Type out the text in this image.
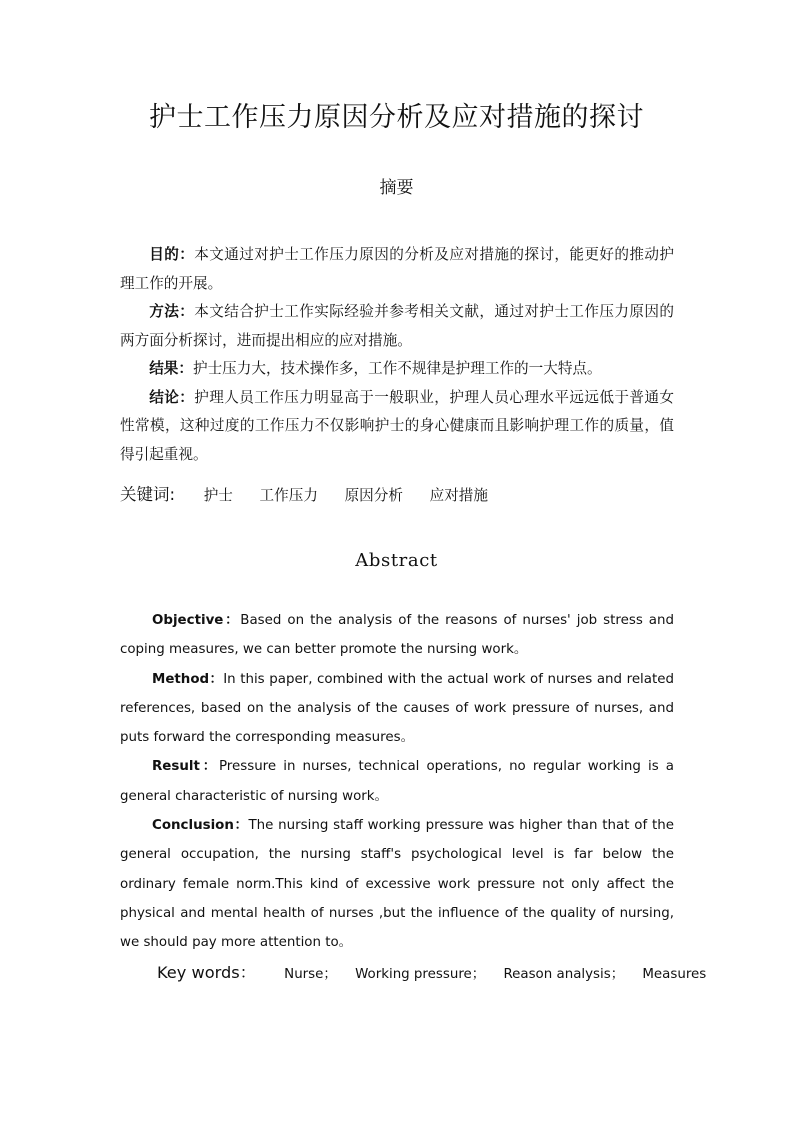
护士工作压力原因分析及应对措施的探讨
摘要

目的：本文通过对护士工作压力原因的分析及应对措施的探讨，能更好的推动护理工作的开展。

方法：本文结合护士工作实际经验并参考相关文献，通过对护士工作压力原因的两方面分析探讨，进而提出相应的应对措施。

结果：护士压力大，技术操作多，工作不规律是护理工作的一大特点。

结论：护理人员工作压力明显高于一般职业，护理人员心理水平远远低于普通女性常模，这种过度的工作压力不仅影响护士的身心健康而且影响护理工作的质量，值得引起重视。

关键词: 护士 工作压力 原因分析 应对措施
Abstract

Objective：Based on the analysis of the reasons of nurses' job stress and coping measures, we can better promote the nursing work。

Method：In this paper, combined with the actual work of nurses and related references, based on the analysis of the causes of work pressure of nurses, and puts forward the corresponding measures。

Result：Pressure in nurses, technical operations, no regular working is a general characteristic of nursing work。

Conclusion：The nursing staff working pressure was higher than that of the general occupation, the nursing staff's psychological level is far below the ordinary female norm.This kind of excessive work pressure not only affect the physical and mental health of nurses ,but the influence of the quality of nursing, we should pay more attention to。

Key words： Nurse； Working pressure； Reason analysis； Measures
